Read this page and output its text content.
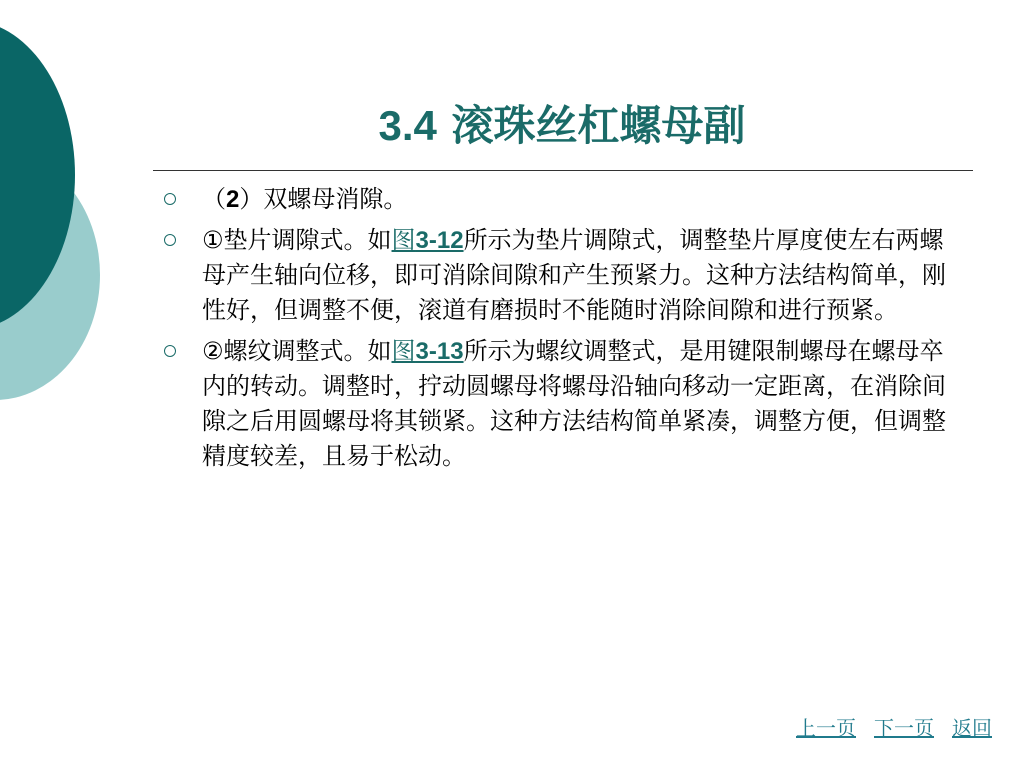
3.4 滚珠丝杠螺母副
（2）双螺母消隙。
①垫片调隙式。如图3-12所示为垫片调隙式，调整垫片厚度使左右两螺母产生轴向位移，即可消除间隙和产生预紧力。这种方法结构简单，刚性好，但调整不便，滚道有磨损时不能随时消除间隙和进行预紧。
②螺纹调整式。如图3-13所示为螺纹调整式，是用键限制螺母在螺母卒内的转动。调整时，拧动圆螺母将螺母沿轴向移动一定距离，在消除间隙之后用圆螺母将其锁紧。这种方法结构简单紧凑，调整方便，但调整精度较差，且易于松动。
上一页 下一页 返回
